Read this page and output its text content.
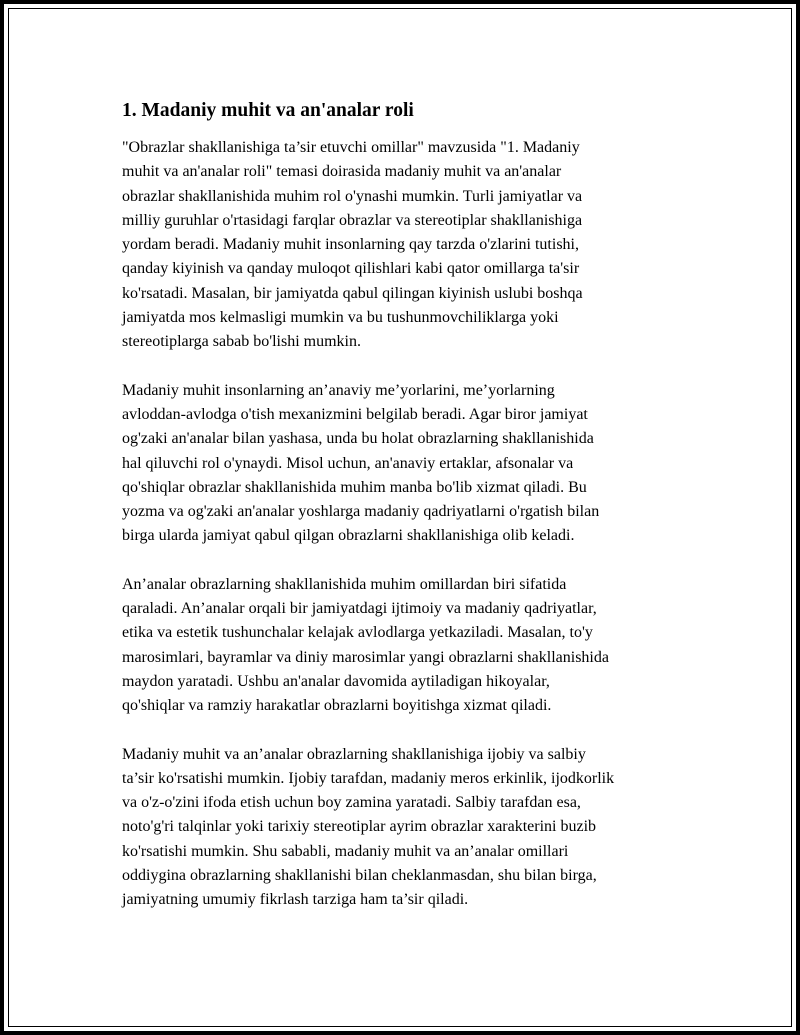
1. Madaniy muhit va an'analar roli

"Obrazlar shakllanishiga ta’sir etuvchi omillar" mavzusida "1. Madaniy
muhit va an'analar roli" temasi doirasida madaniy muhit va an'analar
obrazlar shakllanishida muhim rol o'ynashi mumkin. Turli jamiyatlar va
milliy guruhlar o'rtasidagi farqlar obrazlar va stereotiplar shakllanishiga
yordam beradi. Madaniy muhit insonlarning qay tarzda o'zlarini tutishi,
qanday kiyinish va qanday muloqot qilishlari kabi qator omillarga ta'sir
ko'rsatadi. Masalan, bir jamiyatda qabul qilingan kiyinish uslubi boshqa
jamiyatda mos kelmasligi mumkin va bu tushunmovchiliklarga yoki
stereotiplarga sabab bo'lishi mumkin.

Madaniy muhit insonlarning an’anaviy me’yorlarini, me’yorlarning
avloddan-avlodga o'tish mexanizmini belgilab beradi. Agar biror jamiyat
og'zaki an'analar bilan yashasa, unda bu holat obrazlarning shakllanishida
hal qiluvchi rol o'ynaydi. Misol uchun, an'anaviy ertaklar, afsonalar va
qo'shiqlar obrazlar shakllanishida muhim manba bo'lib xizmat qiladi. Bu
yozma va og'zaki an'analar yoshlarga madaniy qadriyatlarni o'rgatish bilan
birga ularda jamiyat qabul qilgan obrazlarni shakllanishiga olib keladi.

An’analar obrazlarning shakllanishida muhim omillardan biri sifatida
qaraladi. An’analar orqali bir jamiyatdagi ijtimoiy va madaniy qadriyatlar,
etika va estetik tushunchalar kelajak avlodlarga yetkaziladi. Masalan, to'y
marosimlari, bayramlar va diniy marosimlar yangi obrazlarni shakllanishida
maydon yaratadi. Ushbu an'analar davomida aytiladigan hikoyalar,
qo'shiqlar va ramziy harakatlar obrazlarni boyitishga xizmat qiladi.

Madaniy muhit va an’analar obrazlarning shakllanishiga ijobiy va salbiy
ta’sir ko'rsatishi mumkin. Ijobiy tarafdan, madaniy meros erkinlik, ijodkorlik
va o'z-o'zini ifoda etish uchun boy zamina yaratadi. Salbiy tarafdan esa,
noto'g'ri talqinlar yoki tarixiy stereotiplar ayrim obrazlar xarakterini buzib
ko'rsatishi mumkin. Shu sababli, madaniy muhit va an’analar omillari
oddiygina obrazlarning shakllanishi bilan cheklanmasdan, shu bilan birga,
jamiyatning umumiy fikrlash tarziga ham ta’sir qiladi.
